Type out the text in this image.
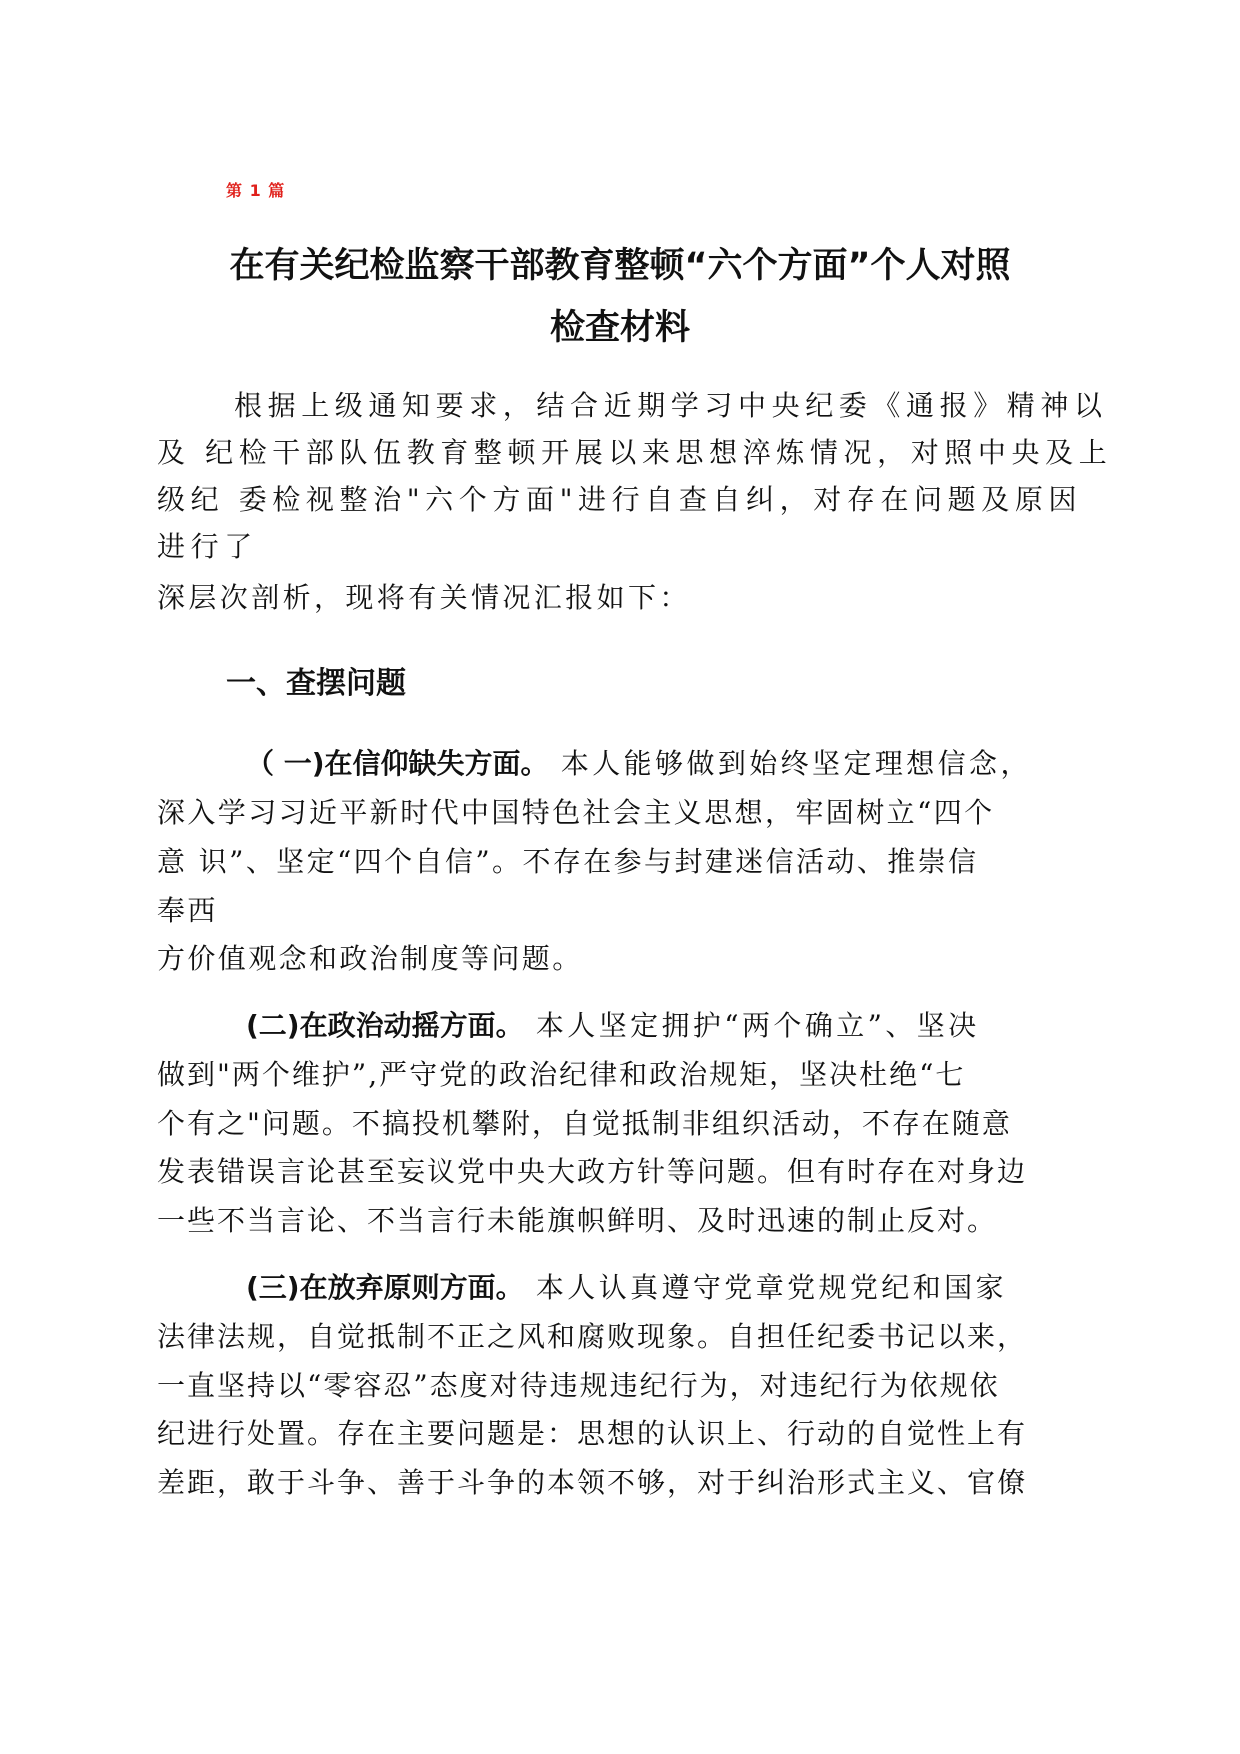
第 1 篇
在有关纪检监察干部教育整顿“六个方面”个人对照
检查材料
根据上级通知要求，结合近期学习中央纪委《通报》精神以
及 纪检干部队伍教育整顿开展以来思想淬炼情况，对照中央及上
级纪 委检视整治"六个方面"进行自查自纠，对存在问题及原因
进行了
深层次剖析，现将有关情况汇报如下：
一、查摆问题
（ 一)在信仰缺失方面。 本人能够做到始终坚定理想信念，
深入学习习近平新时代中国特色社会主义思想，牢固树立“四个
意 识”、坚定“四个自信”。不存在参与封建迷信活动、推崇信
奉西
方价值观念和政治制度等问题。
(二)在政治动摇方面。 本人坚定拥护“两个确立”、坚决
做到"两个维护”,严守党的政治纪律和政治规矩，坚决杜绝“七
个有之"问题。不搞投机攀附，自觉抵制非组织活动，不存在随意
发表错误言论甚至妄议党中央大政方针等问题。但有时存在对身边
一些不当言论、不当言行未能旗帜鲜明、及时迅速的制止反对。
(三)在放弃原则方面。 本人认真遵守党章党规党纪和国家
法律法规，自觉抵制不正之风和腐败现象。自担任纪委书记以来，
一直坚持以“零容忍”态度对待违规违纪行为，对违纪行为依规依
纪进行处置。存在主要问题是：思想的认识上、行动的自觉性上有
差距，敢于斗争、善于斗争的本领不够，对于纠治形式主义、官僚
